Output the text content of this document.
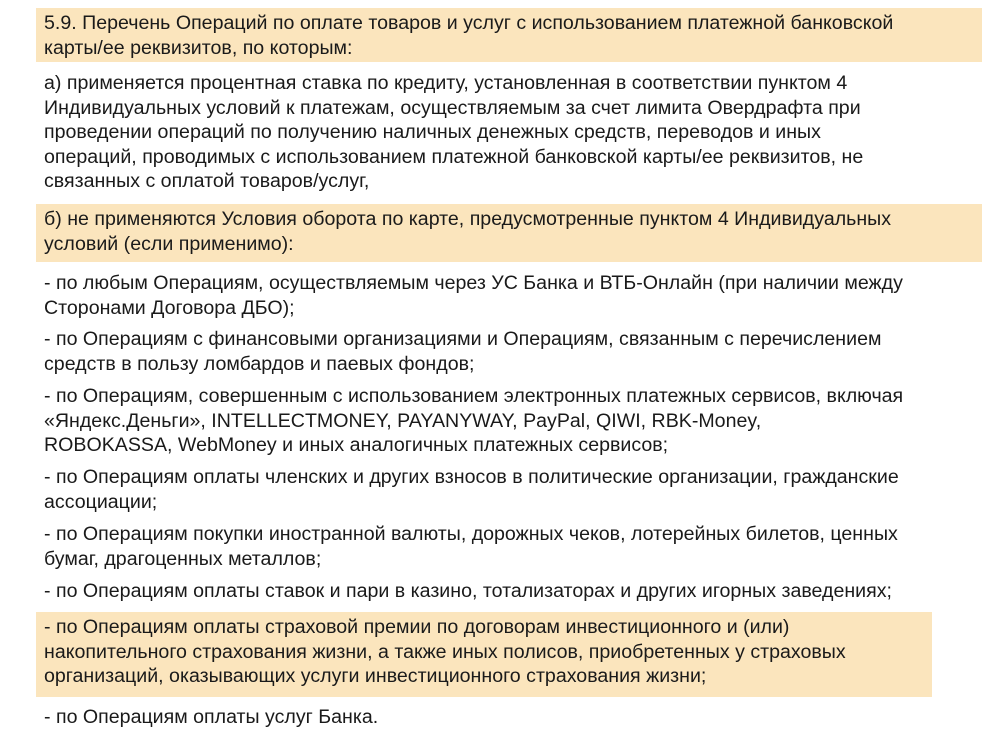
5.9. Перечень Операций по оплате товаров и услуг с использованием платежной банковской
карты/ее реквизитов, по которым:
а) применяется процентная ставка по кредиту, установленная в соответствии пунктом 4
Индивидуальных условий к платежам, осуществляемым за счет лимита Овердрафта при
проведении операций по получению наличных денежных средств, переводов и иных
операций, проводимых с использованием платежной банковской карты/ее реквизитов, не
связанных с оплатой товаров/услуг,
б) не применяются Условия оборота по карте, предусмотренные пунктом 4 Индивидуальных
условий (если применимо):
- по любым Операциям, осуществляемым через УС Банка и ВТБ-Онлайн (при наличии между
Сторонами Договора ДБО);
- по Операциям с финансовыми организациями и Операциям, связанным с перечислением
средств в пользу ломбардов и паевых фондов;
- по Операциям, совершенным с использованием электронных платежных сервисов, включая
«Яндекс.Деньги», INTELLECTMONEY, PAYANYWAY, PayPal, QIWI, RBK-Money,
ROBOKASSA, WebMoney и иных аналогичных платежных сервисов;
- по Операциям оплаты членских и других взносов в политические организации, гражданские
ассоциации;
- по Операциям покупки иностранной валюты, дорожных чеков, лотерейных билетов, ценных
бумаг, драгоценных металлов;
- по Операциям оплаты ставок и пари в казино, тотализаторах и других игорных заведениях;
- по Операциям оплаты страховой премии по договорам инвестиционного и (или)
накопительного страхования жизни, а также иных полисов, приобретенных у страховых
организаций, оказывающих услуги инвестиционного страхования жизни;
- по Операциям оплаты услуг Банка.
